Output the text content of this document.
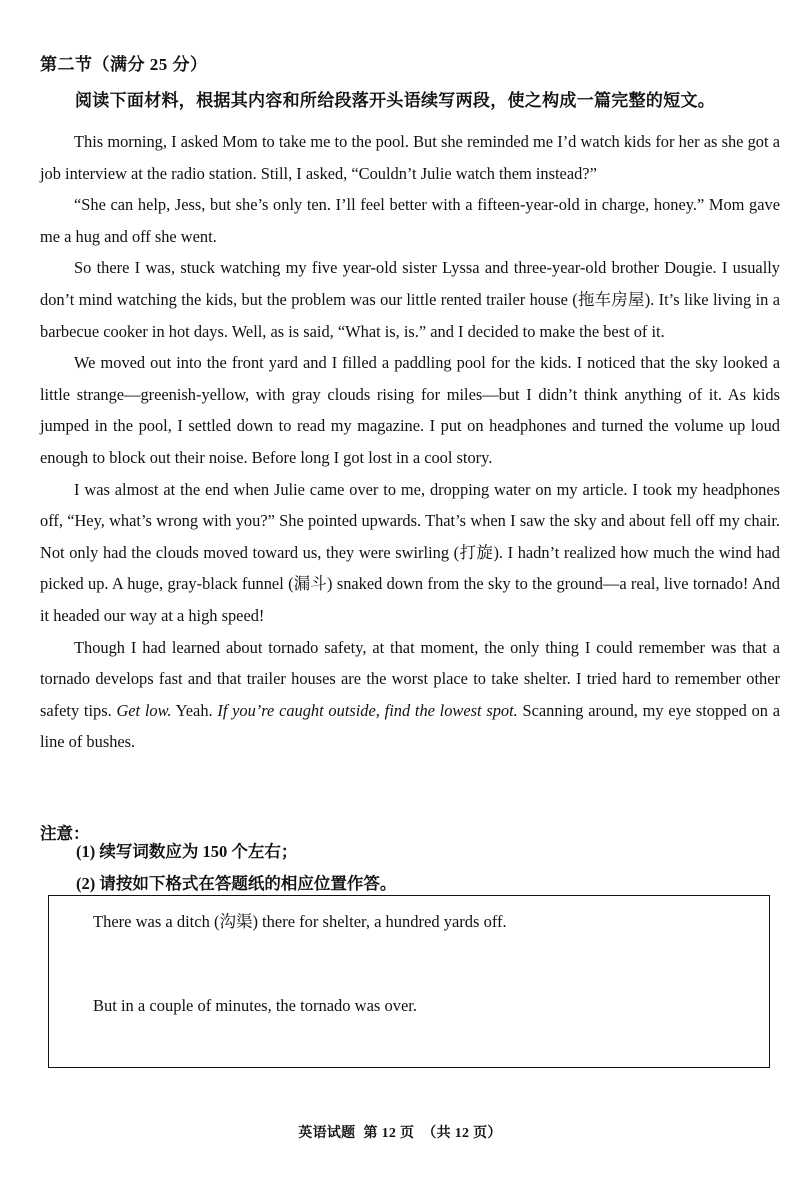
第二节（满分 25 分）

阅读下面材料，根据其内容和所给段落开头语续写两段，使之构成一篇完整的短文。

This morning, I asked Mom to take me to the pool. But she reminded me I’d watch kids for her as she got a job interview at the radio station. Still, I asked, “Couldn’t Julie watch them instead?”

“She can help, Jess, but she’s only ten. I’ll feel better with a fifteen-year-old in charge, honey.” Mom gave me a hug and off she went.

So there I was, stuck watching my five year-old sister Lyssa and three-year-old brother Dougie. I usually don’t mind watching the kids, but the problem was our little rented trailer house (拖车房屋). It’s like living in a barbecue cooker in hot days. Well, as is said, “What is, is.” and I decided to make the best of it.

We moved out into the front yard and I filled a paddling pool for the kids. I noticed that the sky looked a little strange—greenish-yellow, with gray clouds rising for miles—but I didn’t think anything of it. As kids jumped in the pool, I settled down to read my magazine. I put on headphones and turned the volume up loud enough to block out their noise. Before long I got lost in a cool story.

I was almost at the end when Julie came over to me, dropping water on my article. I took my headphones off, “Hey, what’s wrong with you?” She pointed upwards. That’s when I saw the sky and about fell off my chair. Not only had the clouds moved toward us, they were swirling (打旋). I hadn’t realized how much the wind had picked up. A huge, gray-black funnel (漏斗) snaked down from the sky to the ground—a real, live tornado! And it headed our way at a high speed!

Though I had learned about tornado safety, at that moment, the only thing I could remember was that a tornado develops fast and that trailer houses are the worst place to take shelter. I tried hard to remember other safety tips. Get low. Yeah. If you’re caught outside, find the lowest spot. Scanning around, my eye stopped on a line of bushes.

注意：

(1) 续写词数应为 150 个左右；
(2) 请按如下格式在答题纸的相应位置作答。

There was a ditch (沟渠) there for shelter, a hundred yards off.

But in a couple of minutes, the tornado was over.

英语试题 第 12 页 （共 12 页）
